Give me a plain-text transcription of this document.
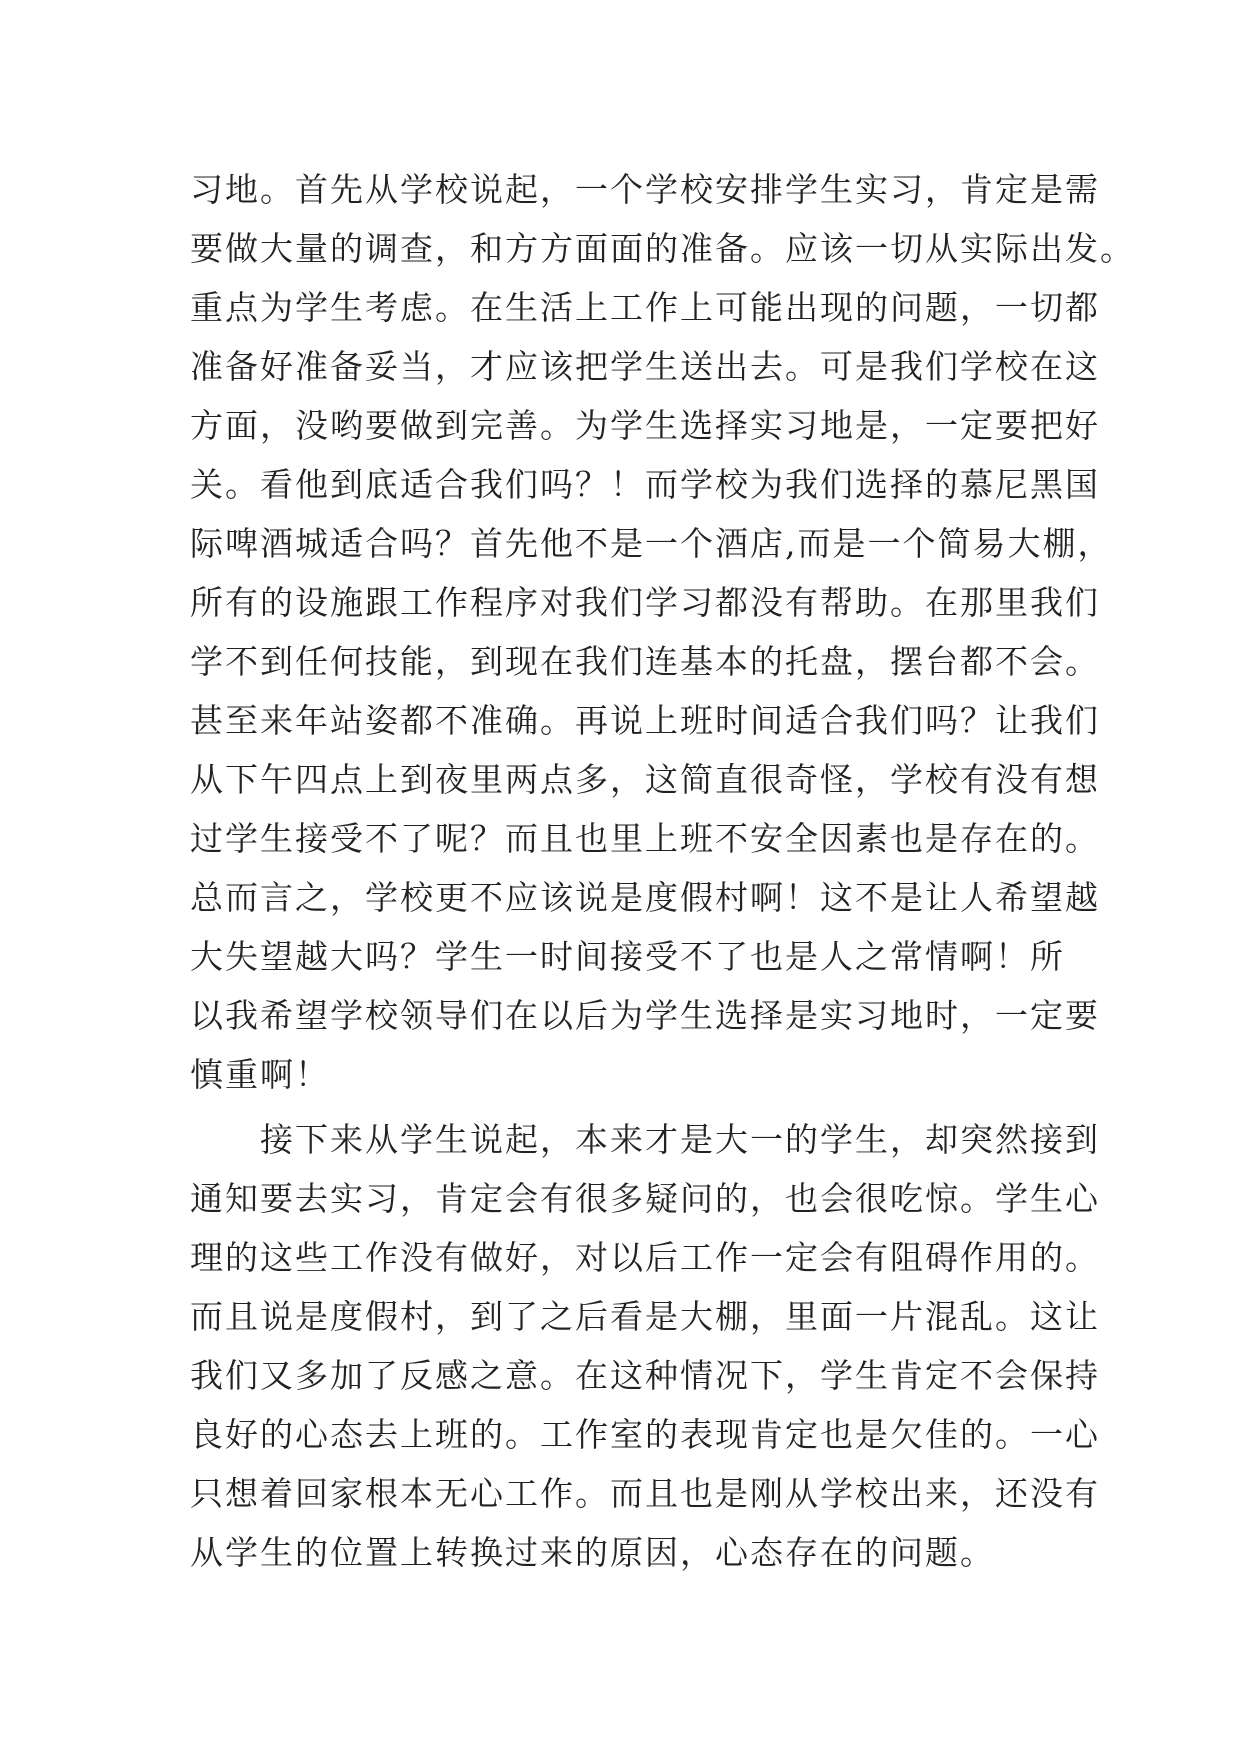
习地。首先从学校说起，一个学校安排学生实习，肯定是需
要做大量的调查，和方方面面的准备。应该一切从实际出发。
重点为学生考虑。在生活上工作上可能出现的问题，一切都
准备好准备妥当，才应该把学生送出去。可是我们学校在这
方面，没哟要做到完善。为学生选择实习地是，一定要把好
关。看他到底适合我们吗？！而学校为我们选择的慕尼黑国
际啤酒城适合吗？首先他不是一个酒店,而是一个简易大棚，
所有的设施跟工作程序对我们学习都没有帮助。在那里我们
学不到任何技能，到现在我们连基本的托盘，摆台都不会。
甚至来年站姿都不准确。再说上班时间适合我们吗？让我们
从下午四点上到夜里两点多，这简直很奇怪，学校有没有想
过学生接受不了呢？而且也里上班不安全因素也是存在的。
总而言之，学校更不应该说是度假村啊！这不是让人希望越
大失望越大吗？学生一时间接受不了也是人之常情啊！所
以我希望学校领导们在以后为学生选择是实习地时，一定要
慎重啊！
　　接下来从学生说起，本来才是大一的学生，却突然接到
通知要去实习，肯定会有很多疑问的，也会很吃惊。学生心
理的这些工作没有做好，对以后工作一定会有阻碍作用的。
而且说是度假村，到了之后看是大棚，里面一片混乱。这让
我们又多加了反感之意。在这种情况下，学生肯定不会保持
良好的心态去上班的。工作室的表现肯定也是欠佳的。一心
只想着回家根本无心工作。而且也是刚从学校出来，还没有
从学生的位置上转换过来的原因，心态存在的问题。
